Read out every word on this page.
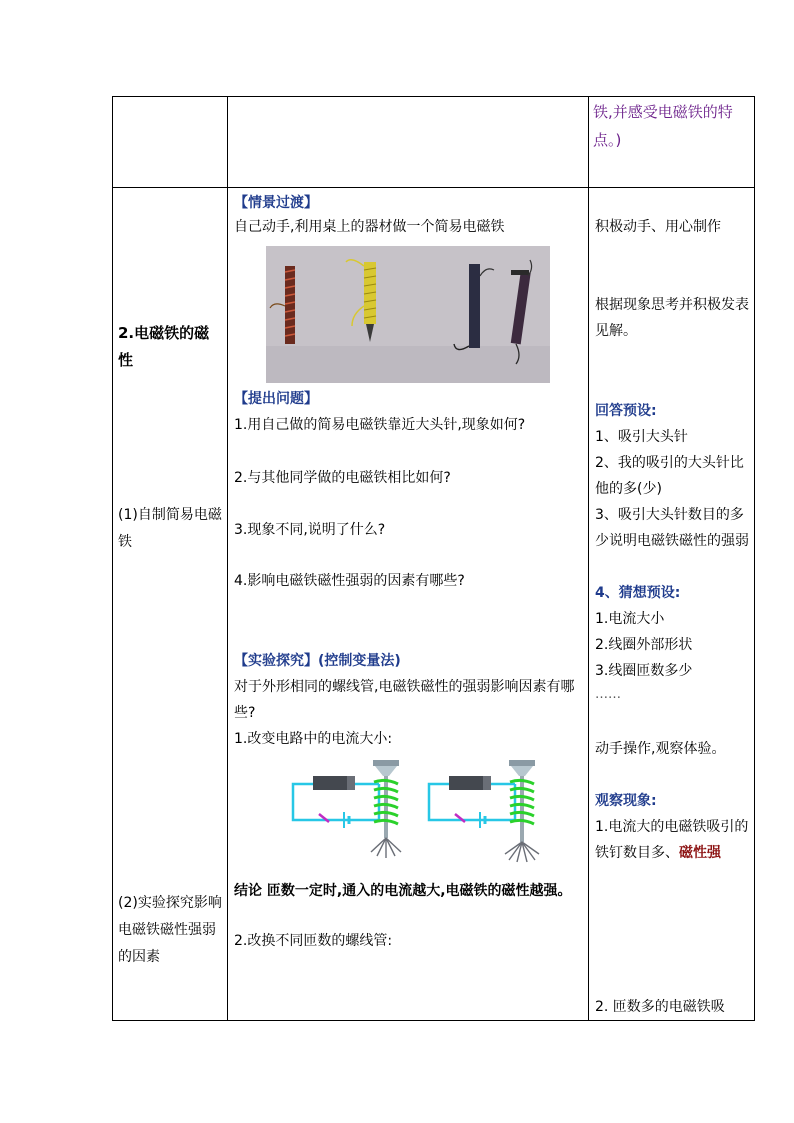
铁,并感受电磁铁的特点。)
2.电磁铁的磁性
(1)自制简易电磁铁
(2)实验探究影响电磁铁磁性强弱的因素
【情景过渡】
自己动手,利用桌上的器材做一个简易电磁铁
【提出问题】
1.用自己做的简易电磁铁靠近大头针,现象如何?
2.与其他同学做的电磁铁相比如何?
3.现象不同,说明了什么?
4.影响电磁铁磁性强弱的因素有哪些?
【实验探究】(控制变量法)
对于外形相同的螺线管,电磁铁磁性的强弱影响因素有哪些?
1.改变电路中的电流大小:
结论 匝数一定时,通入的电流越大,电磁铁的磁性越强。
2.改换不同匝数的螺线管:
积极动手、用心制作
根据现象思考并积极发表见解。
回答预设:
1、吸引大头针
2、我的吸引的大头针比他的多(少)
3、吸引大头针数目的多少说明电磁铁磁性的强弱
4、猜想预设:
1.电流大小
2.线圈外部形状
3.线圈匝数多少
……
动手操作,观察体验。
观察现象:
1.电流大的电磁铁吸引的铁钉数目多、磁性强
2. 匝数多的电磁铁吸
